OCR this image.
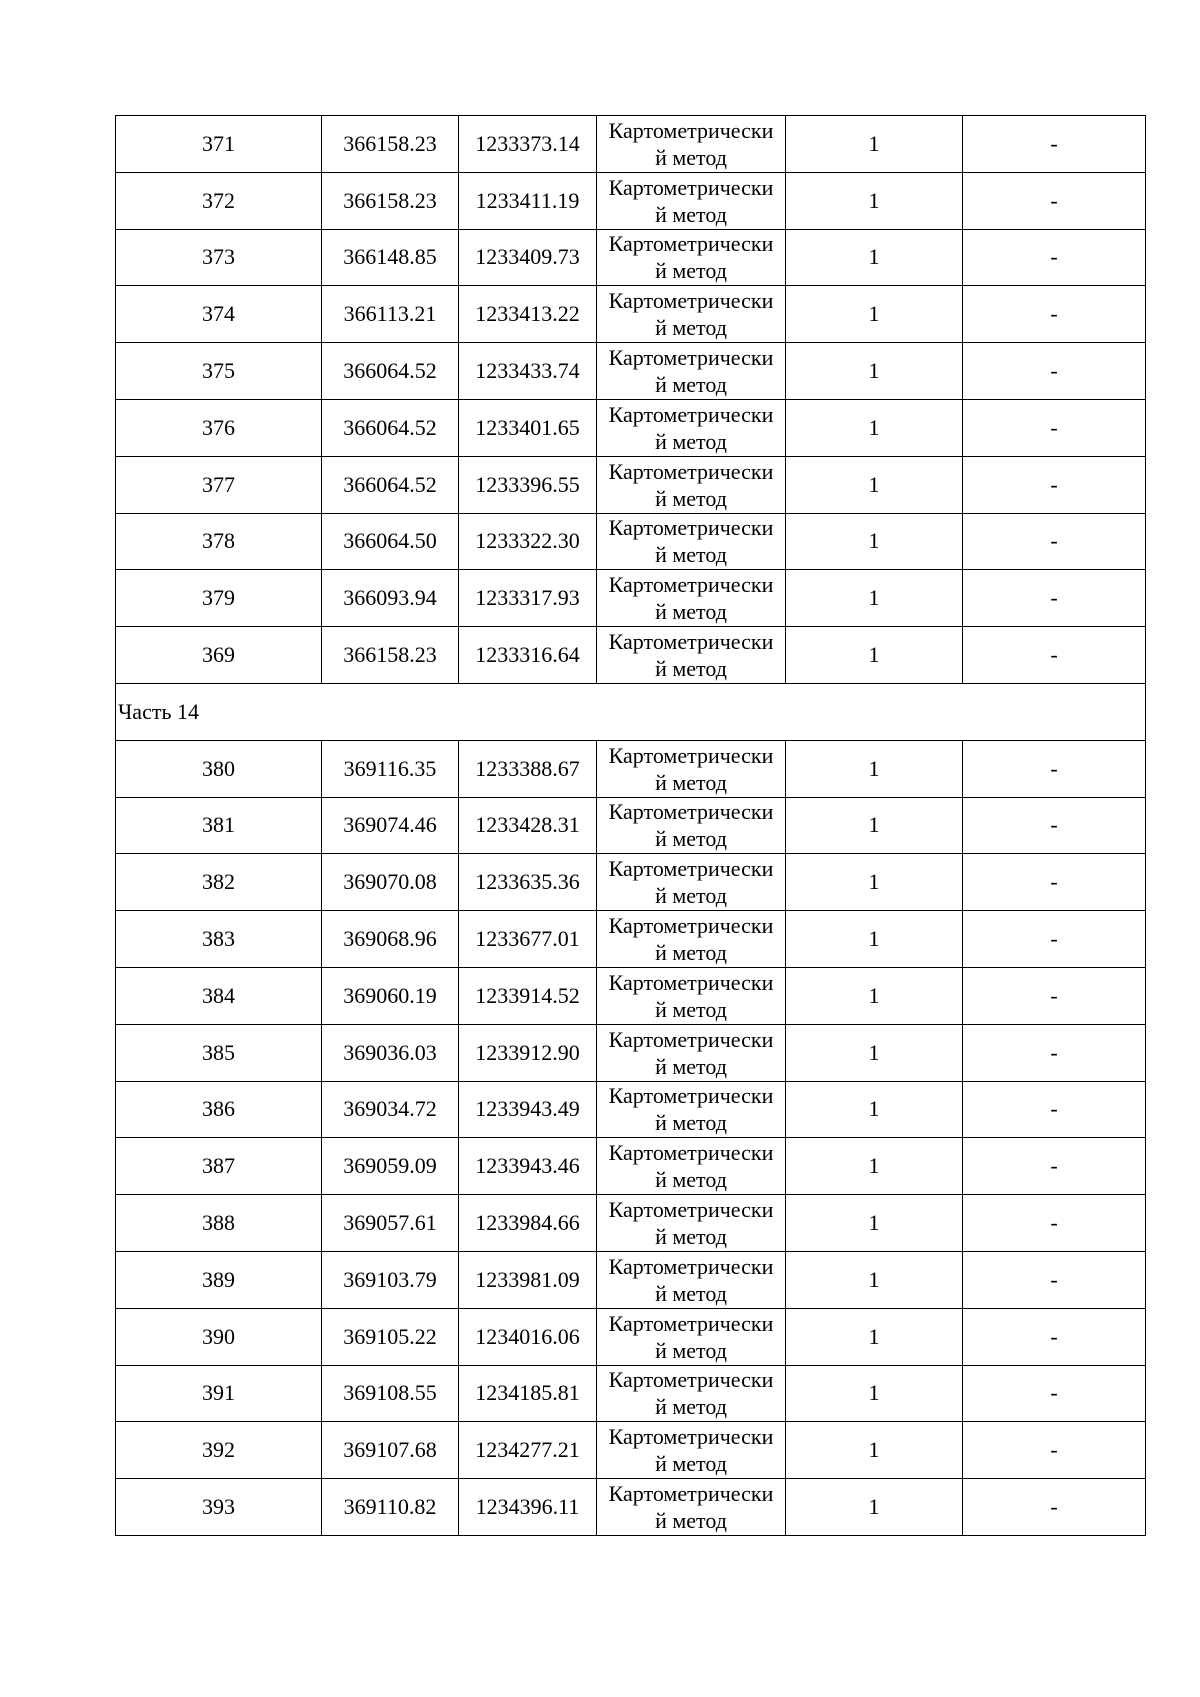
371	366158.23	1233373.14	Картометрически
й метод	1	-
372	366158.23	1233411.19	Картометрически
й метод	1	-
373	366148.85	1233409.73	Картометрически
й метод	1	-
374	366113.21	1233413.22	Картометрически
й метод	1	-
375	366064.52	1233433.74	Картометрически
й метод	1	-
376	366064.52	1233401.65	Картометрически
й метод	1	-
377	366064.52	1233396.55	Картометрически
й метод	1	-
378	366064.50	1233322.30	Картометрически
й метод	1	-
379	366093.94	1233317.93	Картометрически
й метод	1	-
369	366158.23	1233316.64	Картометрически
й метод	1	-
Часть 14					
380	369116.35	1233388.67	Картометрически
й метод	1	-
381	369074.46	1233428.31	Картометрически
й метод	1	-
382	369070.08	1233635.36	Картометрически
й метод	1	-
383	369068.96	1233677.01	Картометрически
й метод	1	-
384	369060.19	1233914.52	Картометрически
й метод	1	-
385	369036.03	1233912.90	Картометрически
й метод	1	-
386	369034.72	1233943.49	Картометрически
й метод	1	-
387	369059.09	1233943.46	Картометрически
й метод	1	-
388	369057.61	1233984.66	Картометрически
й метод	1	-
389	369103.79	1233981.09	Картометрически
й метод	1	-
390	369105.22	1234016.06	Картометрически
й метод	1	-
391	369108.55	1234185.81	Картометрически
й метод	1	-
392	369107.68	1234277.21	Картометрически
й метод	1	-
393	369110.82	1234396.11	Картометрически
й метод	1	-
